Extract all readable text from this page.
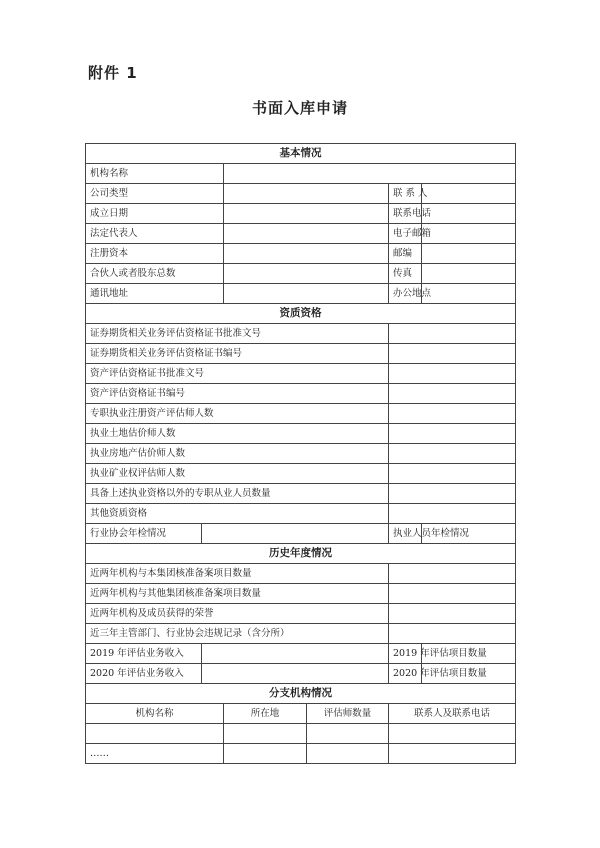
附件 1
书面入库申请
基本情况					
机构名称					
公司类型				联 系 人	
成立日期				联系电话	
法定代表人				电子邮箱	
注册资本				邮编	
合伙人或者股东总数				传真	
通讯地址				办公地点	
资质资格					
证券期货相关业务评估资格证书批准文号					
证券期货相关业务评估资格证书编号					
资产评估资格证书批准文号					
资产评估资格证书编号					
专职执业注册资产评估师人数					
执业土地估价师人数					
执业房地产估价师人数					
执业矿业权评估师人数					
具备上述执业资格以外的专职从业人员数量					
其他资质资格					
行业协会年检情况				执业人员年检情况	
历史年度情况					
近两年机构与本集团核准备案项目数量					
近两年机构与其他集团核准备案项目数量					
近两年机构及成员获得的荣誉					
近三年主管部门、行业协会违规记录（含分所）					
2019 年评估业务收入				2019 年评估项目数量	
2020 年评估业务收入				2020 年评估项目数量	
分支机构情况					
机构名称		所在地	评估师数量	联系人及联系电话	

……					
